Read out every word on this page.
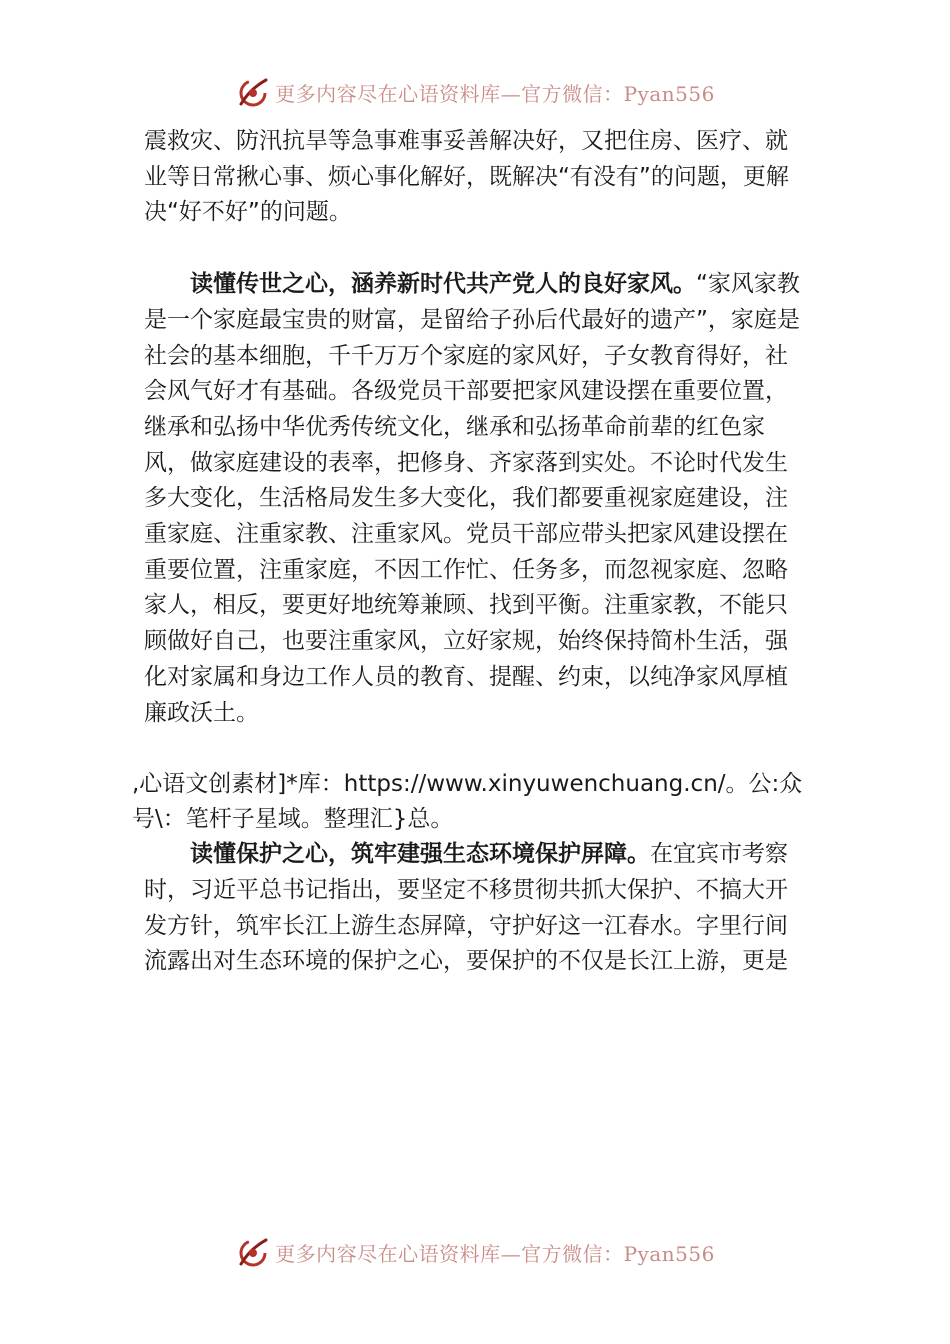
更多内容尽在心语资料库—官方微信：Pyan556

震救灾、防汛抗旱等急事难事妥善解决好，又把住房、医疗、就业等日常揪心事、烦心事化解好，既解决“有没有”的问题，更解决“好不好”的问题。

读懂传世之心，涵养新时代共产党人的良好家风。“家风家教是一个家庭最宝贵的财富，是留给子孙后代最好的遗产”，家庭是社会的基本细胞，千千万万个家庭的家风好，子女教育得好，社会风气好才有基础。各级党员干部要把家风建设摆在重要位置，继承和弘扬中华优秀传统文化，继承和弘扬革命前辈的红色家风，做家庭建设的表率，把修身、齐家落到实处。不论时代发生多大变化，生活格局发生多大变化，我们都要重视家庭建设，注重家庭、注重家教、注重家风。党员干部应带头把家风建设摆在重要位置，注重家庭，不因工作忙、任务多，而忽视家庭、忽略家人，相反，要更好地统筹兼顾、找到平衡。注重家教，不能只顾做好自己，也要注重家风，立好家规，始终保持简朴生活，强化对家属和身边工作人员的教育、提醒、约束，以纯净家风厚植廉政沃土。

,心语文创素材]*库：https://www.xinyuwenchuang.cn/。公:众号\：笔杆子星域。整理汇}总。

读懂保护之心，筑牢建强生态环境保护屏障。在宜宾市考察时，习近平总书记指出，要坚定不移贯彻共抓大保护、不搞大开发方针，筑牢长江上游生态屏障，守护好这一江春水。字里行间流露出对生态环境的保护之心，要保护的不仅是长江上游，更是

更多内容尽在心语资料库—官方微信：Pyan556
